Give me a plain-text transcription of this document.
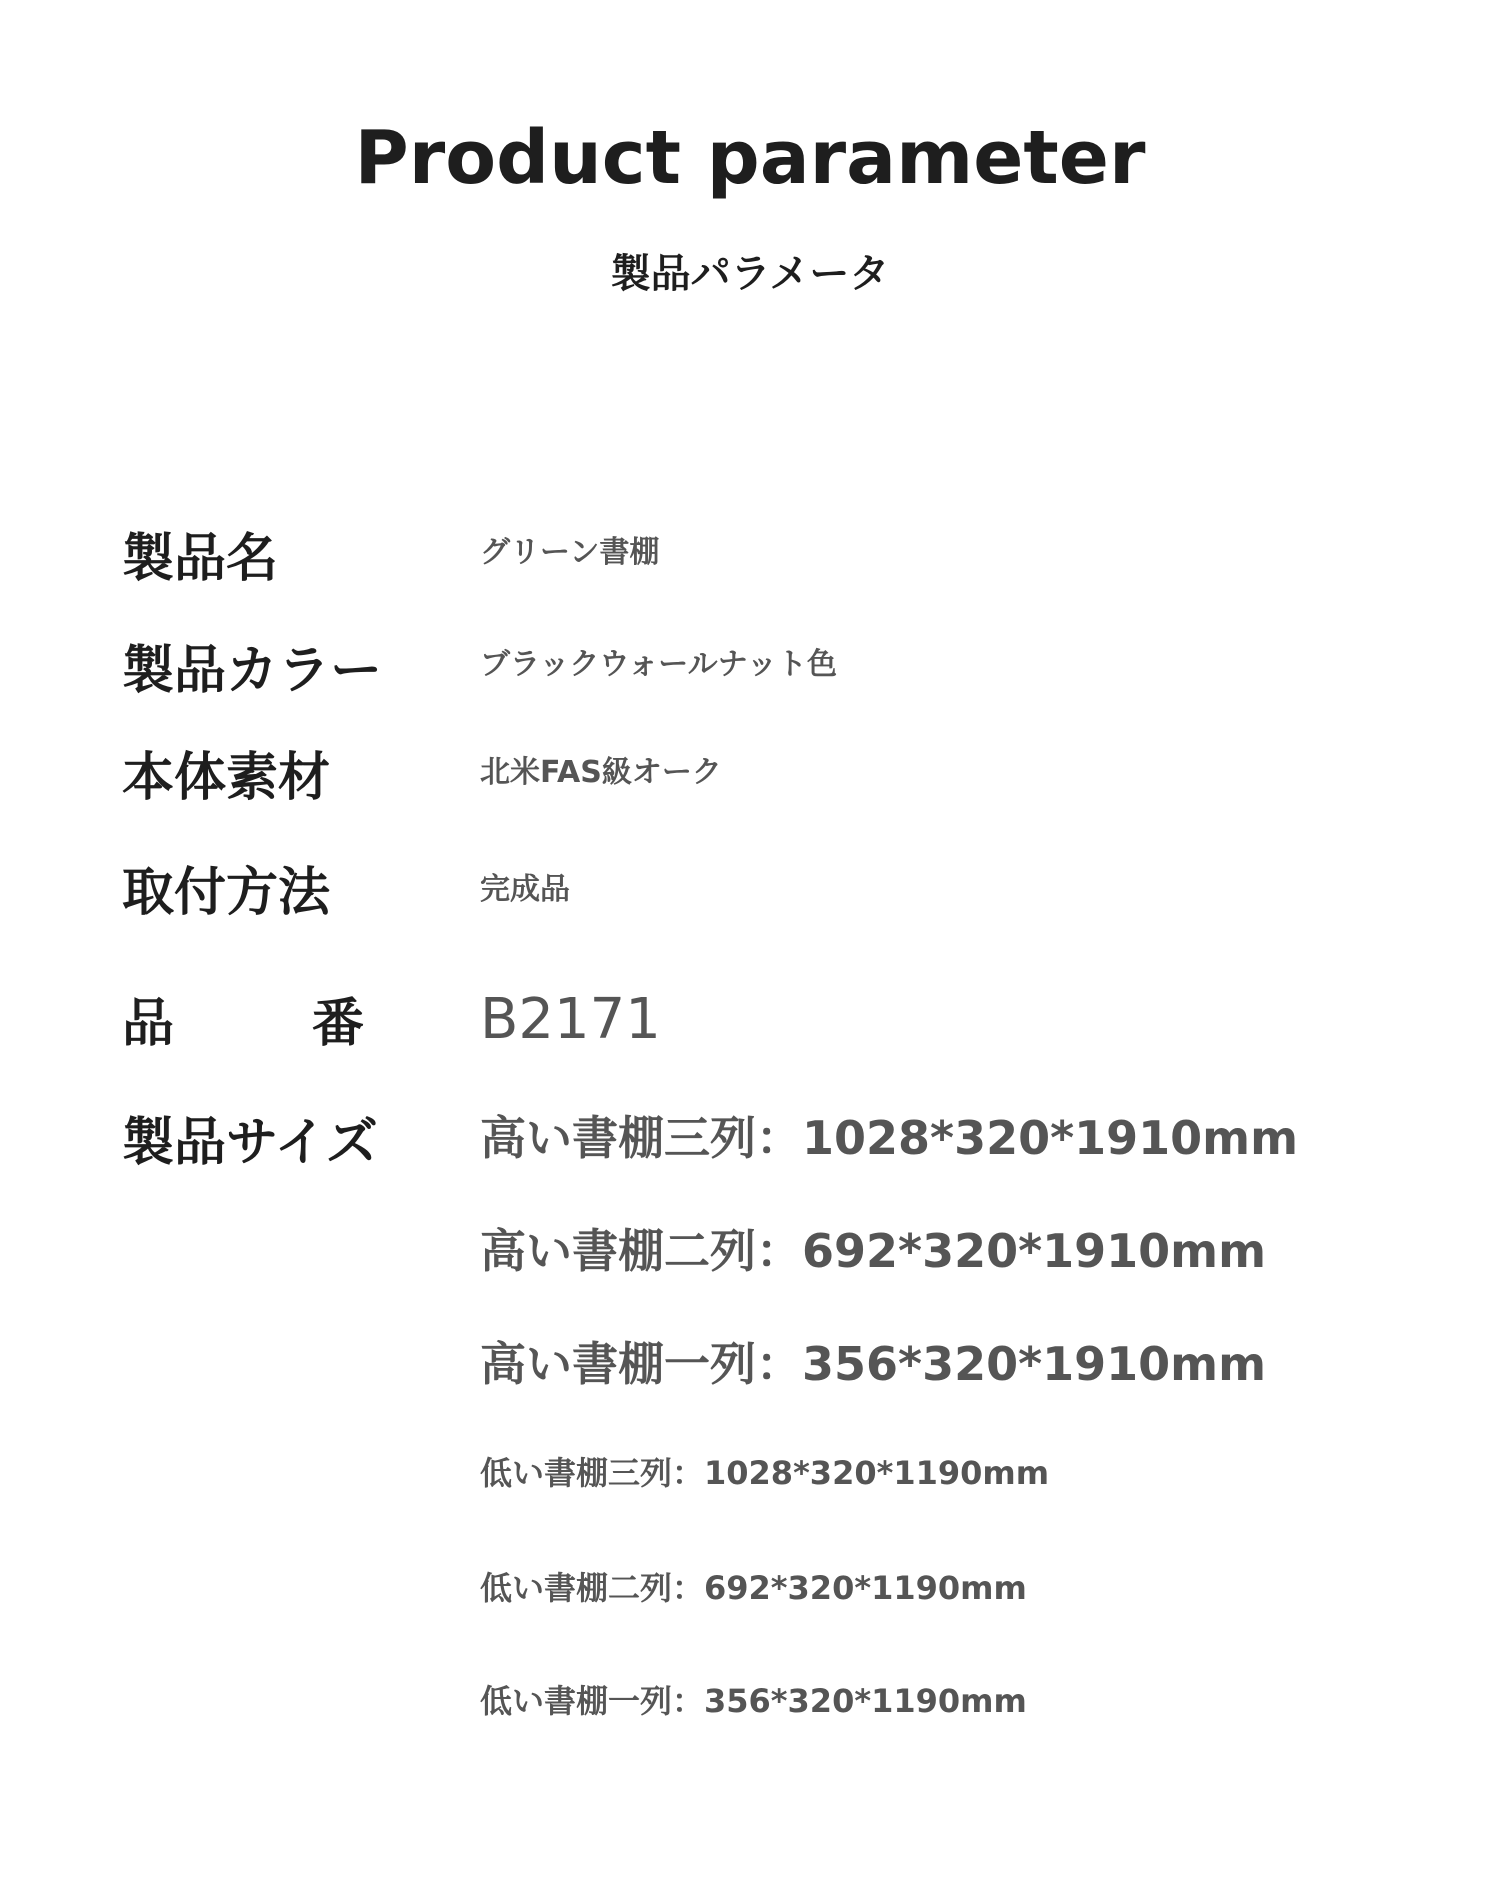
Product parameter
製品パラメータ
製品名	グリーン書棚
製品カラー	ブラックウォールナット色
本体素材	北米FAS級オーク
取付方法	完成品
品	番 B2171
製品サイズ 高い書棚三列：1028*320*1910mm
高い書棚二列：692*320*1910mm
高い書棚一列：356*320*1910mm
低い書棚三列：1028*320*1190mm
低い書棚二列：692*320*1190mm
低い書棚一列：356*320*1190mm
